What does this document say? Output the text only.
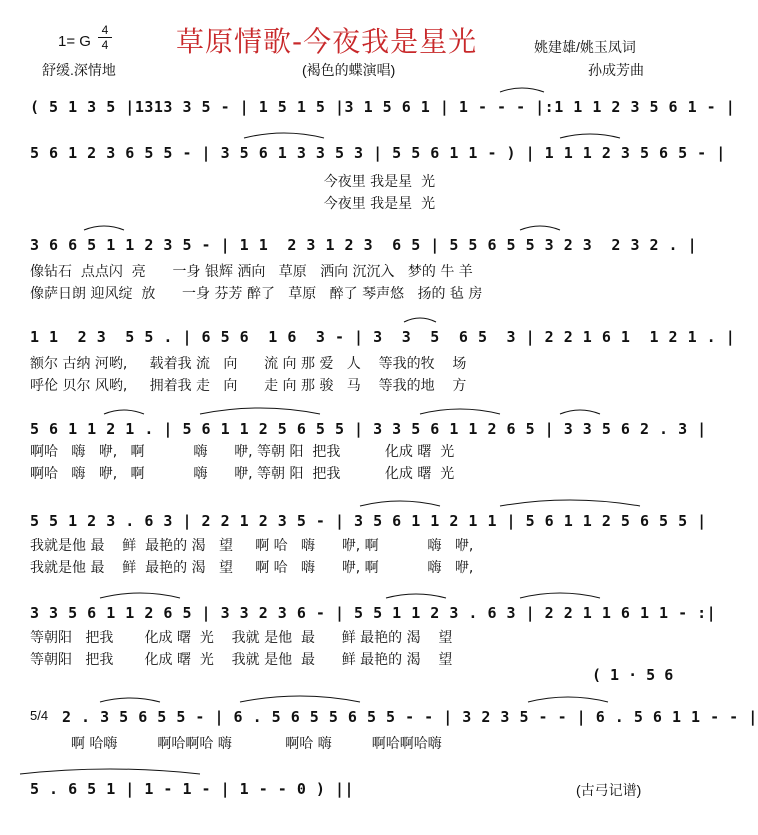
1= G
4
4 草原情歌-今夜我是星光	姚建雄/姚玉凤词
舒缓.深情地	(褐色的蝶演唱)	孙成芳曲
( 5 1 3 5 |1313 3 5 - | 1 5 1 5 |3 1 5 6 1 | 1 - - - |:1 1 1 2 3 5 6 1 - |
5 6 1 2 3 6 5 5 - | 3 5 6 1 3 3 5 3 | 5 5 6 1 1 - ) | 1 1 1 2 3 5 6 5 - |
今夜里 我是星  光
今夜里 我是星  光
3 6 6 5 1 1 2 3 5 - | 1 1  2 3 1 2 3  6 5 | 5 5 6 5 5 3 2 3  2 3 2 . |
像钻石  点点闪  亮      一身 银辉 洒向   草原   洒向 沉沉入   梦的 牛 羊
像萨日朗 迎风绽  放      一身 芬芳 醉了   草原   醉了 琴声悠   扬的 毡 房
1 1  2 3  5 5 . | 6 5 6  1 6  3 - | 3  3  5  6 5  3 | 2 2 1 6 1  1 2 1 . |
额尔 古纳 河哟,     载着我 流   向      流 向 那 爱   人    等我的牧    场
呼伦 贝尔 风哟,     拥着我 走   向      走 向 那 骏   马    等我的地    方
5 6 1 1 2 1 . | 5 6 1 1 2 5 6 5 5 | 3 3 5 6 1 1 2 6 5 | 3 3 5 6 2 . 3 |
啊哈   嗨   咿,   啊           嗨      咿, 等朝 阳  把我          化成 曙  光
啊哈   嗨   咿,   啊           嗨      咿, 等朝 阳  把我          化成 曙  光
5 5 1 2 3 . 6 3 | 2 2 1 2 3 5 - | 3 5 6 1 1 2 1 1 | 5 6 1 1 2 5 6 5 5 |
我就是他 最    鲜  最艳的 渴   望     啊 哈   嗨      咿, 啊           嗨   咿,
我就是他 最    鲜  最艳的 渴   望     啊 哈   嗨      咿, 啊           嗨   咿,
3 3 5 6 1 1 2 6 5 | 3 3 2 3 6 - | 5 5 1 1 2 3 . 6 3 | 2 2 1 1 6 1 1 - :|
等朝阳   把我       化成 曙  光    我就 是他  最      鲜 最艳的 渴    望
等朝阳   把我       化成 曙  光    我就 是他  最      鲜 最艳的 渴    望
( 1 · 5 6
5/4 2 . 3 5 6 5 5 - | 6 . 5 6 5 5 6 5 5 - - | 3 2 3 5 - - | 6 . 5 6 1 1 - - |
啊 哈嗨         啊哈啊哈 嗨            啊哈 嗨         啊哈啊哈嗨
5 . 6 5 1 | 1 - 1 - | 1 - - 0 ) ||	(古弓记谱)
